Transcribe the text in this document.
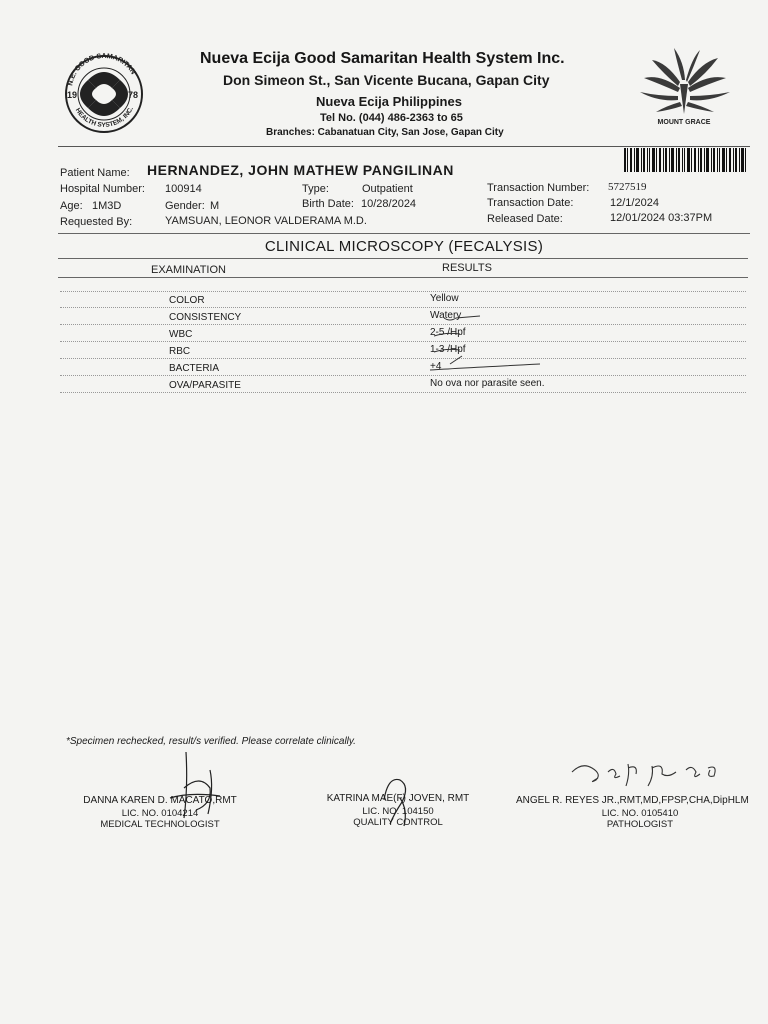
19	78
N.E. GOOD SAMARITAN
HEALTH SYSTEM, INC.
Nueva Ecija Good Samaritan Health System Inc.
Don Simeon St., San Vicente Bucana, Gapan City
Nueva Ecija Philippines
Tel No. (044) 486-2363 to 65
Branches: Cabanatuan City, San Jose, Gapan City
MOUNT GRACE
Patient Name: HERNANDEZ, JOHN MATHEW PANGILINAN
Hospital Number: 100914	Type:	Outpatient	Transaction Number: 5727519
Age: 1M3D	Gender: M	Birth Date: 10/28/2024	Transaction Date:	12/1/2024
Requested By:	YAMSUAN, LEONOR VALDERAMA M.D.	Released Date:	12/01/2024 03:37PM
CLINICAL MICROSCOPY (FECALYSIS)
EXAMINATION	RESULTS
COLOR	Yellow
CONSISTENCY	Watery
WBC	2-5 /Hpf
RBC	1-3 /Hpf
BACTERIA	+4
OVA/PARASITE	No ova nor parasite seen.
*Specimen rechecked, result/s verified. Please correlate clinically.
DANNA KAREN D. MACATO,RMT
LIC. NO. 0104214
MEDICAL TECHNOLOGIST
KATRINA MAE(F) JOVEN, RMT
LIC. NO. 104150
QUALITY CONTROL
ANGEL R. REYES JR.,RMT,MD,FPSP,CHA,DipHLM
LIC. NO. 0105410
PATHOLOGIST
